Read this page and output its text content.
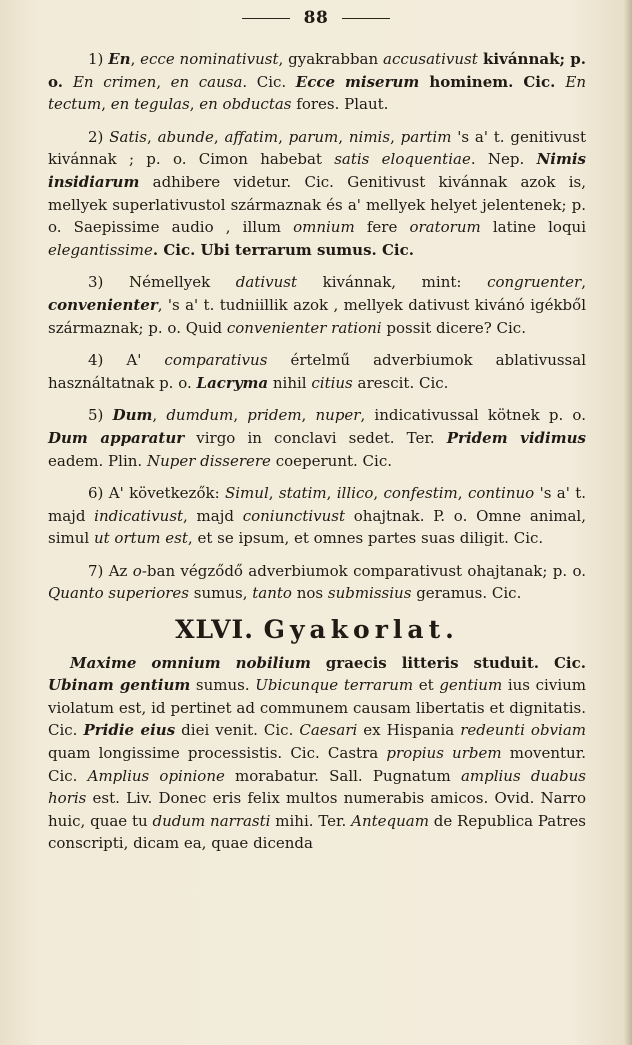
88

1) En, ecce nominativust, gyakrabban accusativust kivánnak; p. o. En crimen, en causa. Cic. Ecce miserum hominem. Cic. En tectum, en tegulas, en obductas fores. Plaut.

2) Satis, abunde, affatim, parum, nimis, partim 's a' t. genitivust kivánnak ; p. o. Cimon habebat satis eloquentiae. Nep. Nimis insidiarum adhibere videtur. Cic. Genitivust kivánnak azok is, mellyek superlativustol származnak és a' mellyek helyet jelentenek; p. o. Saepissime audio , illum omnium fere oratorum latine loqui elegantissime. Cic. Ubi terrarum sumus. Cic.

3) Némellyek dativust kivánnak, mint: congruenter, convenienter, 's a' t. tudniillik azok , mellyek dativust kivánó igékből származnak; p. o. Quid convenienter rationi possit dicere? Cic.

4) A' comparativus értelmű adverbiumok ablativussal használtatnak p. o. Lacryma nihil citius arescit. Cic.

5) Dum, dumdum, pridem, nuper, indicativussal kötnek p. o. Dum apparatur virgo in conclavi sedet. Ter. Pridem vidimus eadem. Plin. Nuper disserere coeperunt. Cic.

6) A' következők: Simul, statim, illico, confestim, continuo 's a' t. majd indicativust, majd coniunctivust ohajtnak. P. o. Omne animal, simul ut ortum est, et se ipsum, et omnes partes suas diligit. Cic.

7) Az o-ban végződő adverbiumok comparativust ohajtanak; p. o. Quanto superiores sumus, tanto nos submissius geramus. Cic.

XLVI. Gyakorlat.

Maxime omnium nobilium graecis litteris studuit. Cic. Ubinam gentium sumus. Ubicunque terrarum et gentium ius civium violatum est, id pertinet ad communem causam libertatis et dignitatis. Cic. Pridie eius diei venit. Cic. Caesari ex Hispania redeunti obviam quam longissime processistis. Cic. Castra propius urbem moventur. Cic. Amplius opinione morabatur. Sall. Pugnatum amplius duabus horis est. Liv. Donec eris felix multos numerabis amicos. Ovid. Narro huic, quae tu dudum narrasti mihi. Ter. Antequam de Republica Patres conscripti, dicam ea, quae dicenda
